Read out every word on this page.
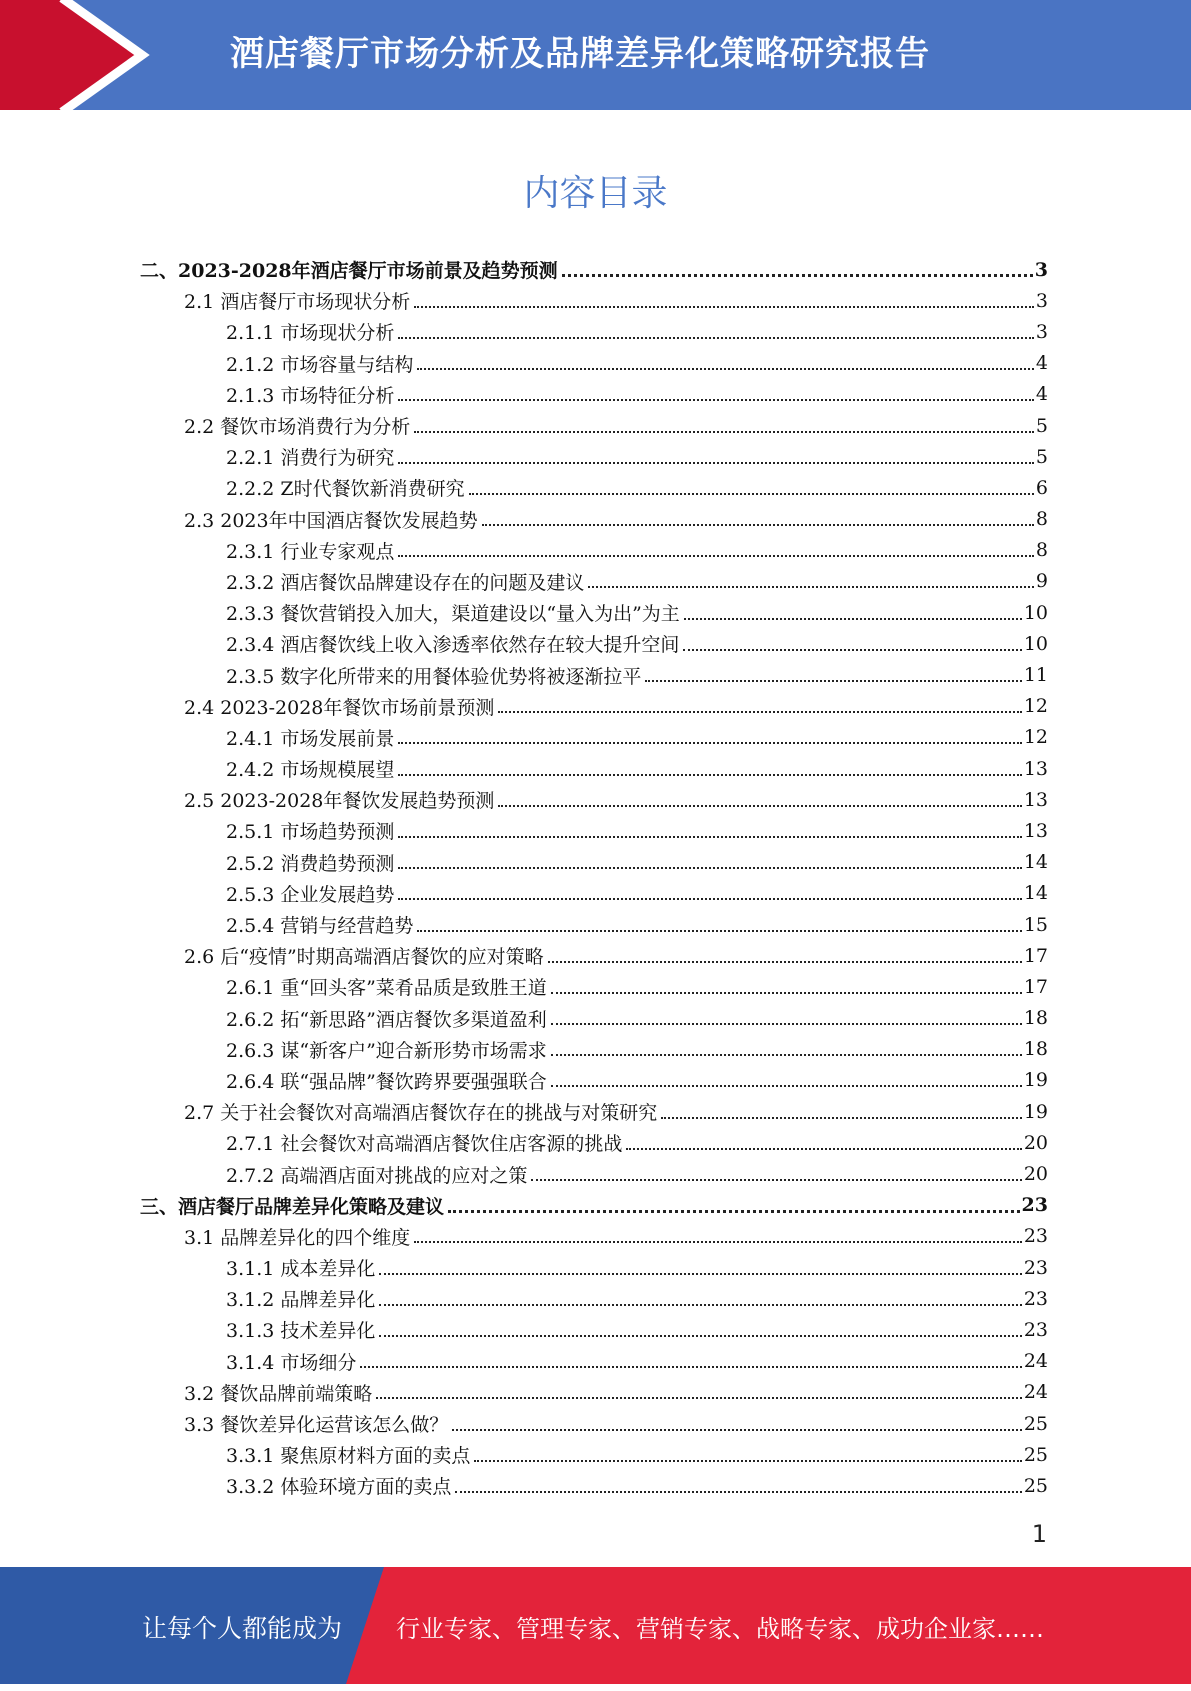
酒店餐厅市场分析及品牌差异化策略研究报告
内容目录
二、2023-2028年酒店餐厅市场前景及趋势预测	3
2.1 酒店餐厅市场现状分析	3
2.1.1 市场现状分析	3
2.1.2 市场容量与结构	4
2.1.3 市场特征分析	4
2.2 餐饮市场消费行为分析	5
2.2.1 消费行为研究	5
2.2.2 Z时代餐饮新消费研究	6
2.3 2023年中国酒店餐饮发展趋势	8
2.3.1 行业专家观点	8
2.3.2 酒店餐饮品牌建设存在的问题及建议	9
2.3.3 餐饮营销投入加大，渠道建设以“量入为出”为主	10
2.3.4 酒店餐饮线上收入渗透率依然存在较大提升空间	10
2.3.5 数字化所带来的用餐体验优势将被逐渐拉平	11
2.4 2023-2028年餐饮市场前景预测	12
2.4.1 市场发展前景	12
2.4.2 市场规模展望	13
2.5 2023-2028年餐饮发展趋势预测	13
2.5.1 市场趋势预测	13
2.5.2 消费趋势预测	14
2.5.3 企业发展趋势	14
2.5.4 营销与经营趋势	15
2.6 后“疫情”时期高端酒店餐饮的应对策略	17
2.6.1 重“回头客”菜肴品质是致胜王道	17
2.6.2 拓“新思路”酒店餐饮多渠道盈利	18
2.6.3 谋“新客户”迎合新形势市场需求	18
2.6.4 联“强品牌”餐饮跨界要强强联合	19
2.7 关于社会餐饮对高端酒店餐饮存在的挑战与对策研究	19
2.7.1 社会餐饮对高端酒店餐饮住店客源的挑战	20
2.7.2 高端酒店面对挑战的应对之策	20
三、酒店餐厅品牌差异化策略及建议	23
3.1 品牌差异化的四个维度	23
3.1.1 成本差异化	23
3.1.2 品牌差异化	23
3.1.3 技术差异化	23
3.1.4 市场细分	24
3.2 餐饮品牌前端策略	24
3.3 餐饮差异化运营该怎么做？	25
3.3.1 聚焦原材料方面的卖点	25
3.3.2 体验环境方面的卖点	25
1
让每个人都能成为 行业专家、管理专家、营销专家、战略专家、成功企业家……
